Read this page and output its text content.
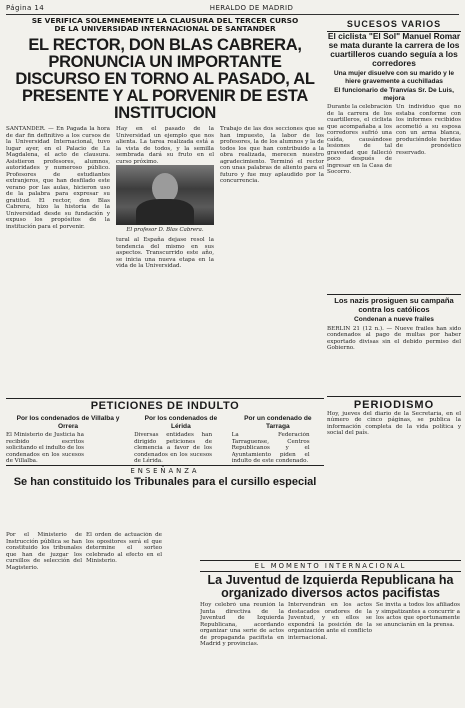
Página 14	HERALDO DE MADRID
SE VERIFICA SOLEMNEMENTE LA CLAUSURA DEL TERCER CURSO
DE LA UNIVERSIDAD INTERNACIONAL DE SANTANDER
EL RECTOR, DON BLAS CABRERA, PRONUNCIA UN IMPORTANTE DISCURSO EN TORNO AL PASADO, AL PRESENTE Y AL PORVENIR DE ESTA INSTITUCION
SANTANDER. — En Pagada la hora de dar fin definitivo a los cursos de la Universidad Internacional, tuvo lugar ayer, en el Palacio de La Magdalena, el acto de clausura. Asistieron profesores, alumnos, autoridades y numeroso público. Profesores de estudiantes extranjeros, que han desfilado este verano por las aulas, hicieron uso de la palabra para expresar su gratitud. El rector, don Blas Cabrera, hizo la historia de la Universidad desde su fundación y expuso los propósitos de la institución para el porvenir.
Hay en el pasado de la Universidad un ejemplo que nos alienta. La tarea realizada está a la vista de todos, y la semilla sembrada dará su fruto en el curso próximo.
El profesor D. Blas Cabrera.
tural al España dejase resol la tendencia del mismo en sus aspectos. Transcurrido este año, se inicia una nueva etapa en la vida de la Universidad.
Trabajo de las dos secciones que se han impuesto, la labor de los profesores, la de los alumnos y la de todos los que han contribuido a la obra realizada, merecen nuestro agradecimiento. Terminó el rector con unas palabras de aliento para el futuro y fue muy aplaudido por la concurrencia.
SUCESOS VARIOS
El ciclista "El Sol" Manuel Romar se mata durante la carrera de los cuartilleros cuando seguía a los corredores
Una mujer disuelve con su marido y le hiere gravemente a cuchilladas
El funcionario de Tranvías Sr. De Luis, mejora
Durante la celebración de la carrera de los cuartilleros, el ciclista que acompañaba a los corredores sufrió una caída, causándose lesiones de tal gravedad que falleció poco después de ingresar en la Casa de Socorro.
Un individuo que no estaba conforme con los informes recibidos acometió a su esposa con un arma blanca, produciéndole heridas de pronóstico reservado.
Los nazis prosiguen su campaña contra los católicos
Condenan a nueve frailes
BERLIN 21 (12 n.). — Nueve frailes han sido condenados al pago de multas por haber exportado divisas sin el debido permiso del Gobierno.
PERIODISMO
Hoy, jueves del diario de la Secretaría, en el número de cinco páginas, se publica la información completa de la vida política y social del país.
PETICIONES DE INDULTO
Por los condenados de Villalba y Orrera
El Ministerio de Justicia ha recibido escritos solicitando el indulto de los condenados en los sucesos de Villalba.
Por los condenados de Lérida
Diversas entidades han dirigido peticiones de clemencia a favor de los condenados en los sucesos de Lérida.
Por un condenado de Tarraga
La Federación Tarraguense, Centros Republicanos y el Ayuntamiento piden el indulto de este condenado.
ENSEÑANZA
Se han constituido los Tribunales para el cursillo especial
Por el Ministerio de Instrucción pública se han constituido los tribunales que han de juzgar los cursillos de selección del Magisterio.
El orden de actuación de los opositores será el que determine el sorteo celebrado al efecto en el Ministerio.
EL MOMENTO INTERNACIONAL
La Juventud de Izquierda Republicana ha organizado diversos actos pacifistas
Hoy celebró una reunión la Junta directiva de la Juventud de Izquierda Republicana, acordando organizar una serie de actos de propaganda pacifista en Madrid y provincias.
Intervendrán en los actos destacados oradores de la Juventud, y en ellos se expondrá la posición de la organización ante el conflicto internacional.
Se invita a todos los afiliados y simpatizantes a concurrir a los actos que oportunamente se anunciarán en la prensa.
